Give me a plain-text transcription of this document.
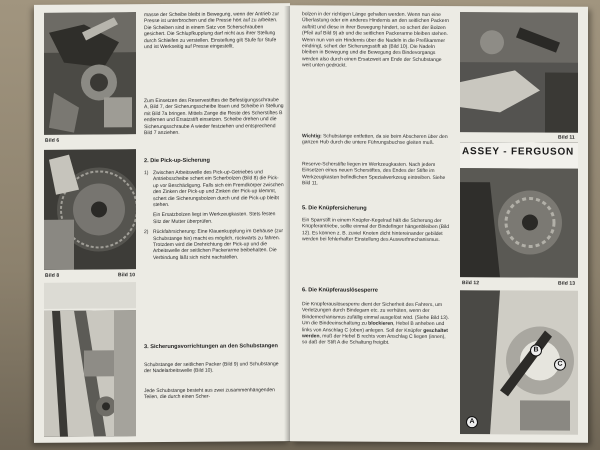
Bild 6
Bild 8	Bild 10
masse der Scheibe bleibt in Bewegung, wenn der Antrieb zur Presse ist unterbrochen und die Presse hört auf zu arbeiten. Die Scheiben sind in einem Satz von Scherschrauben gesichert. Die Schlupfkupplung darf nicht aus ihrer Stellung durch Schleifen zu verstellen. Einstellung gilt Stufe für Stufe und ist Werkseitig auf Presse eingestellt.
Zum Einsetzen des Reservestiftes die Befestigungsschraube A, Bild 7, der Sicherungsscheibe lösen und Scheibe in Stellung mit Bild 7a bringen. Mittels Zange die Reste des Scherstiftes B entfernen und Ersatzstift einsetzen. Scheibe drehen und die Sicherungsschraube A wieder festziehen und entsprechend Bild 7 anziehen.
2. Die Pick-up-Sicherung
1) Zwischen Arbeitswelle des Pick-up-Getriebes und Antriebsscheibe schert ein Scherbolzen (Bild 8) die Pick-up vor Beschädigung. Falls sich ein Fremdkörper zwischen den Zinken der Pick-up und Zinken der Pick-up klemmt, schert die Sicherungsbolzen durch und die Pick-up bleibt stehen.
Ein Ersatzbolzen liegt im Werkzeugkasten. Stets festen Sitz der Mutter überprüfen.
2) Rückfahrsicherung: Eine Klauenkupplung im Gehäuse (zur Schubstange hin) macht es möglich, rückwärts zu fahren. Trotzdem wird die Drehrichtung der Pick-up und die Arbeitswelle der seitlichen Packerarme beibehalten. Die Verbindung läßt sich nicht nachstellen.
3. Sicherungsvorrichtungen an den Schubstangen
Schubstange der seitlichen Packer (Bild 9) und Schubstange der Nadelarbeitswelle (Bild 10).
Jede Schubstange besteht aus zwei zusammenhängenden Teilen, die durch einen Scher-
bolzen in der richtigen Länge gehalten werden. Wenn nun eine Überlastung oder ein anderes Hindernis an den seitlichen Packern auftritt und diese in ihrer Bewegung hindert, so schert der Bolzen (Pfeil auf Bild 9) ab und die seitlichen Packerarme bleiben stehen. Wenn nun von ein Hindernis über die Nadeln in die Preßkammer eindringt, schert der Sicherungsstift ab (Bild 10). Die Nadeln bleiben in Bewegung und die Bewegung des Bindevorgangs werden also durch einen Ersatzweit am Ende der Schubstange weit unten gedrückt.
Wichtig: Schubstange entfetten, da sie beim Abscheren über den ganzen Hub durch die untere Führungsbuchse gleiten muß.
Reserve-Scherstifte liegen im Werkzeugkasten. Nach jedem Einsetzen eines neuen Scherstiftes, des Endes der Stifte im Werkzeugkasten befindlichen Spezialwerkzeug eintreiben. Siehe Bild 11.
5. Die Knüpfersicherung
Ein Sparrstift in einem Knüpfer-Kegelrad hält die Sicherung der Knüpferantriebe, sollte einmal der Bindefinger hängenbleiben (Bild 12). Es können z. B. zuviel Knoten dicht hintereinander gebildet werden bei fehlerhafter Einstellung des Auswurfmechanismus.
6. Die Knüpferauslösesperre
Die Knüpferauslösesperre dient der Sicherheit des Fahrers, um Verletzungen durch Bindegarn etc. zu verhüten, wenn der Bindemechanismus zufällig einmal ausgelöst wird. (Siehe Bild 13). Um die Bindeeinschaltung zu blockieren, Hebel B anheben und links von Anschlag C (oben) anlegen. Soll der Knüpfer geschaltet werden, muß der Hebel B rechts vom Anschlag C liegen (innen), so daß der Stift A die Schaltung freigibt.
Bild 11
ASSEY - FERGUSON
Bild 12	Bild 13
B
C
A
